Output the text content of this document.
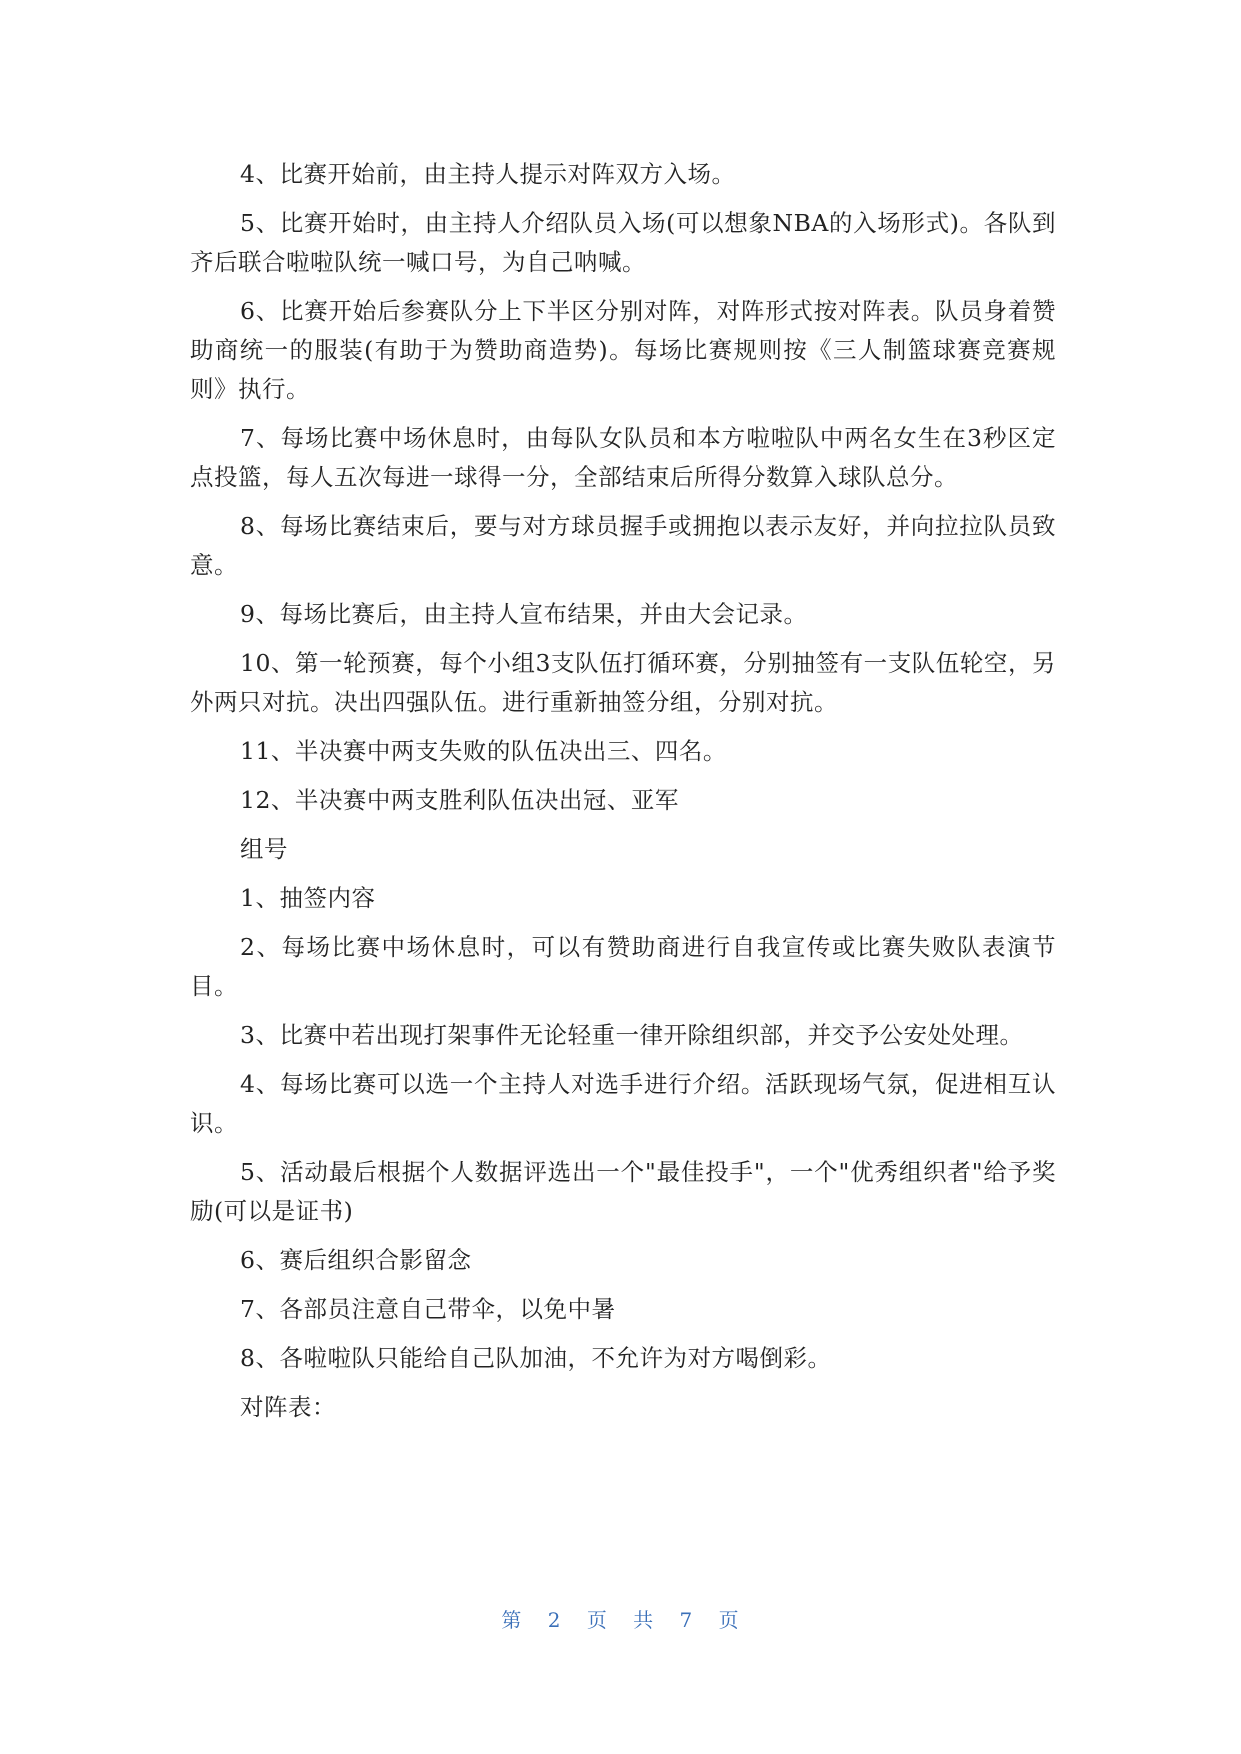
4、比赛开始前，由主持人提示对阵双方入场。

5、比赛开始时，由主持人介绍队员入场(可以想象NBA的入场形式)。各队到齐后联合啦啦队统一喊口号，为自己呐喊。

6、比赛开始后参赛队分上下半区分别对阵，对阵形式按对阵表。队员身着赞助商统一的服装(有助于为赞助商造势)。每场比赛规则按《三人制篮球赛竞赛规则》执行。

7、每场比赛中场休息时，由每队女队员和本方啦啦队中两名女生在3秒区定点投篮，每人五次每进一球得一分，全部结束后所得分数算入球队总分。

8、每场比赛结束后，要与对方球员握手或拥抱以表示友好，并向拉拉队员致意。

9、每场比赛后，由主持人宣布结果，并由大会记录。

10、第一轮预赛，每个小组3支队伍打循环赛，分别抽签有一支队伍轮空，另外两只对抗。决出四强队伍。进行重新抽签分组，分别对抗。

11、半决赛中两支失败的队伍决出三、四名。

12、半决赛中两支胜利队伍决出冠、亚军

组号

1、抽签内容

2、每场比赛中场休息时，可以有赞助商进行自我宣传或比赛失败队表演节目。

3、比赛中若出现打架事件无论轻重一律开除组织部，并交予公安处处理。

4、每场比赛可以选一个主持人对选手进行介绍。活跃现场气氛，促进相互认识。

5、活动最后根据个人数据评选出一个"最佳投手"，一个"优秀组织者"给予奖励(可以是证书)

6、赛后组织合影留念

7、各部员注意自己带伞，以免中暑

8、各啦啦队只能给自己队加油，不允许为对方喝倒彩。

对阵表：

第 2 页 共 7 页
